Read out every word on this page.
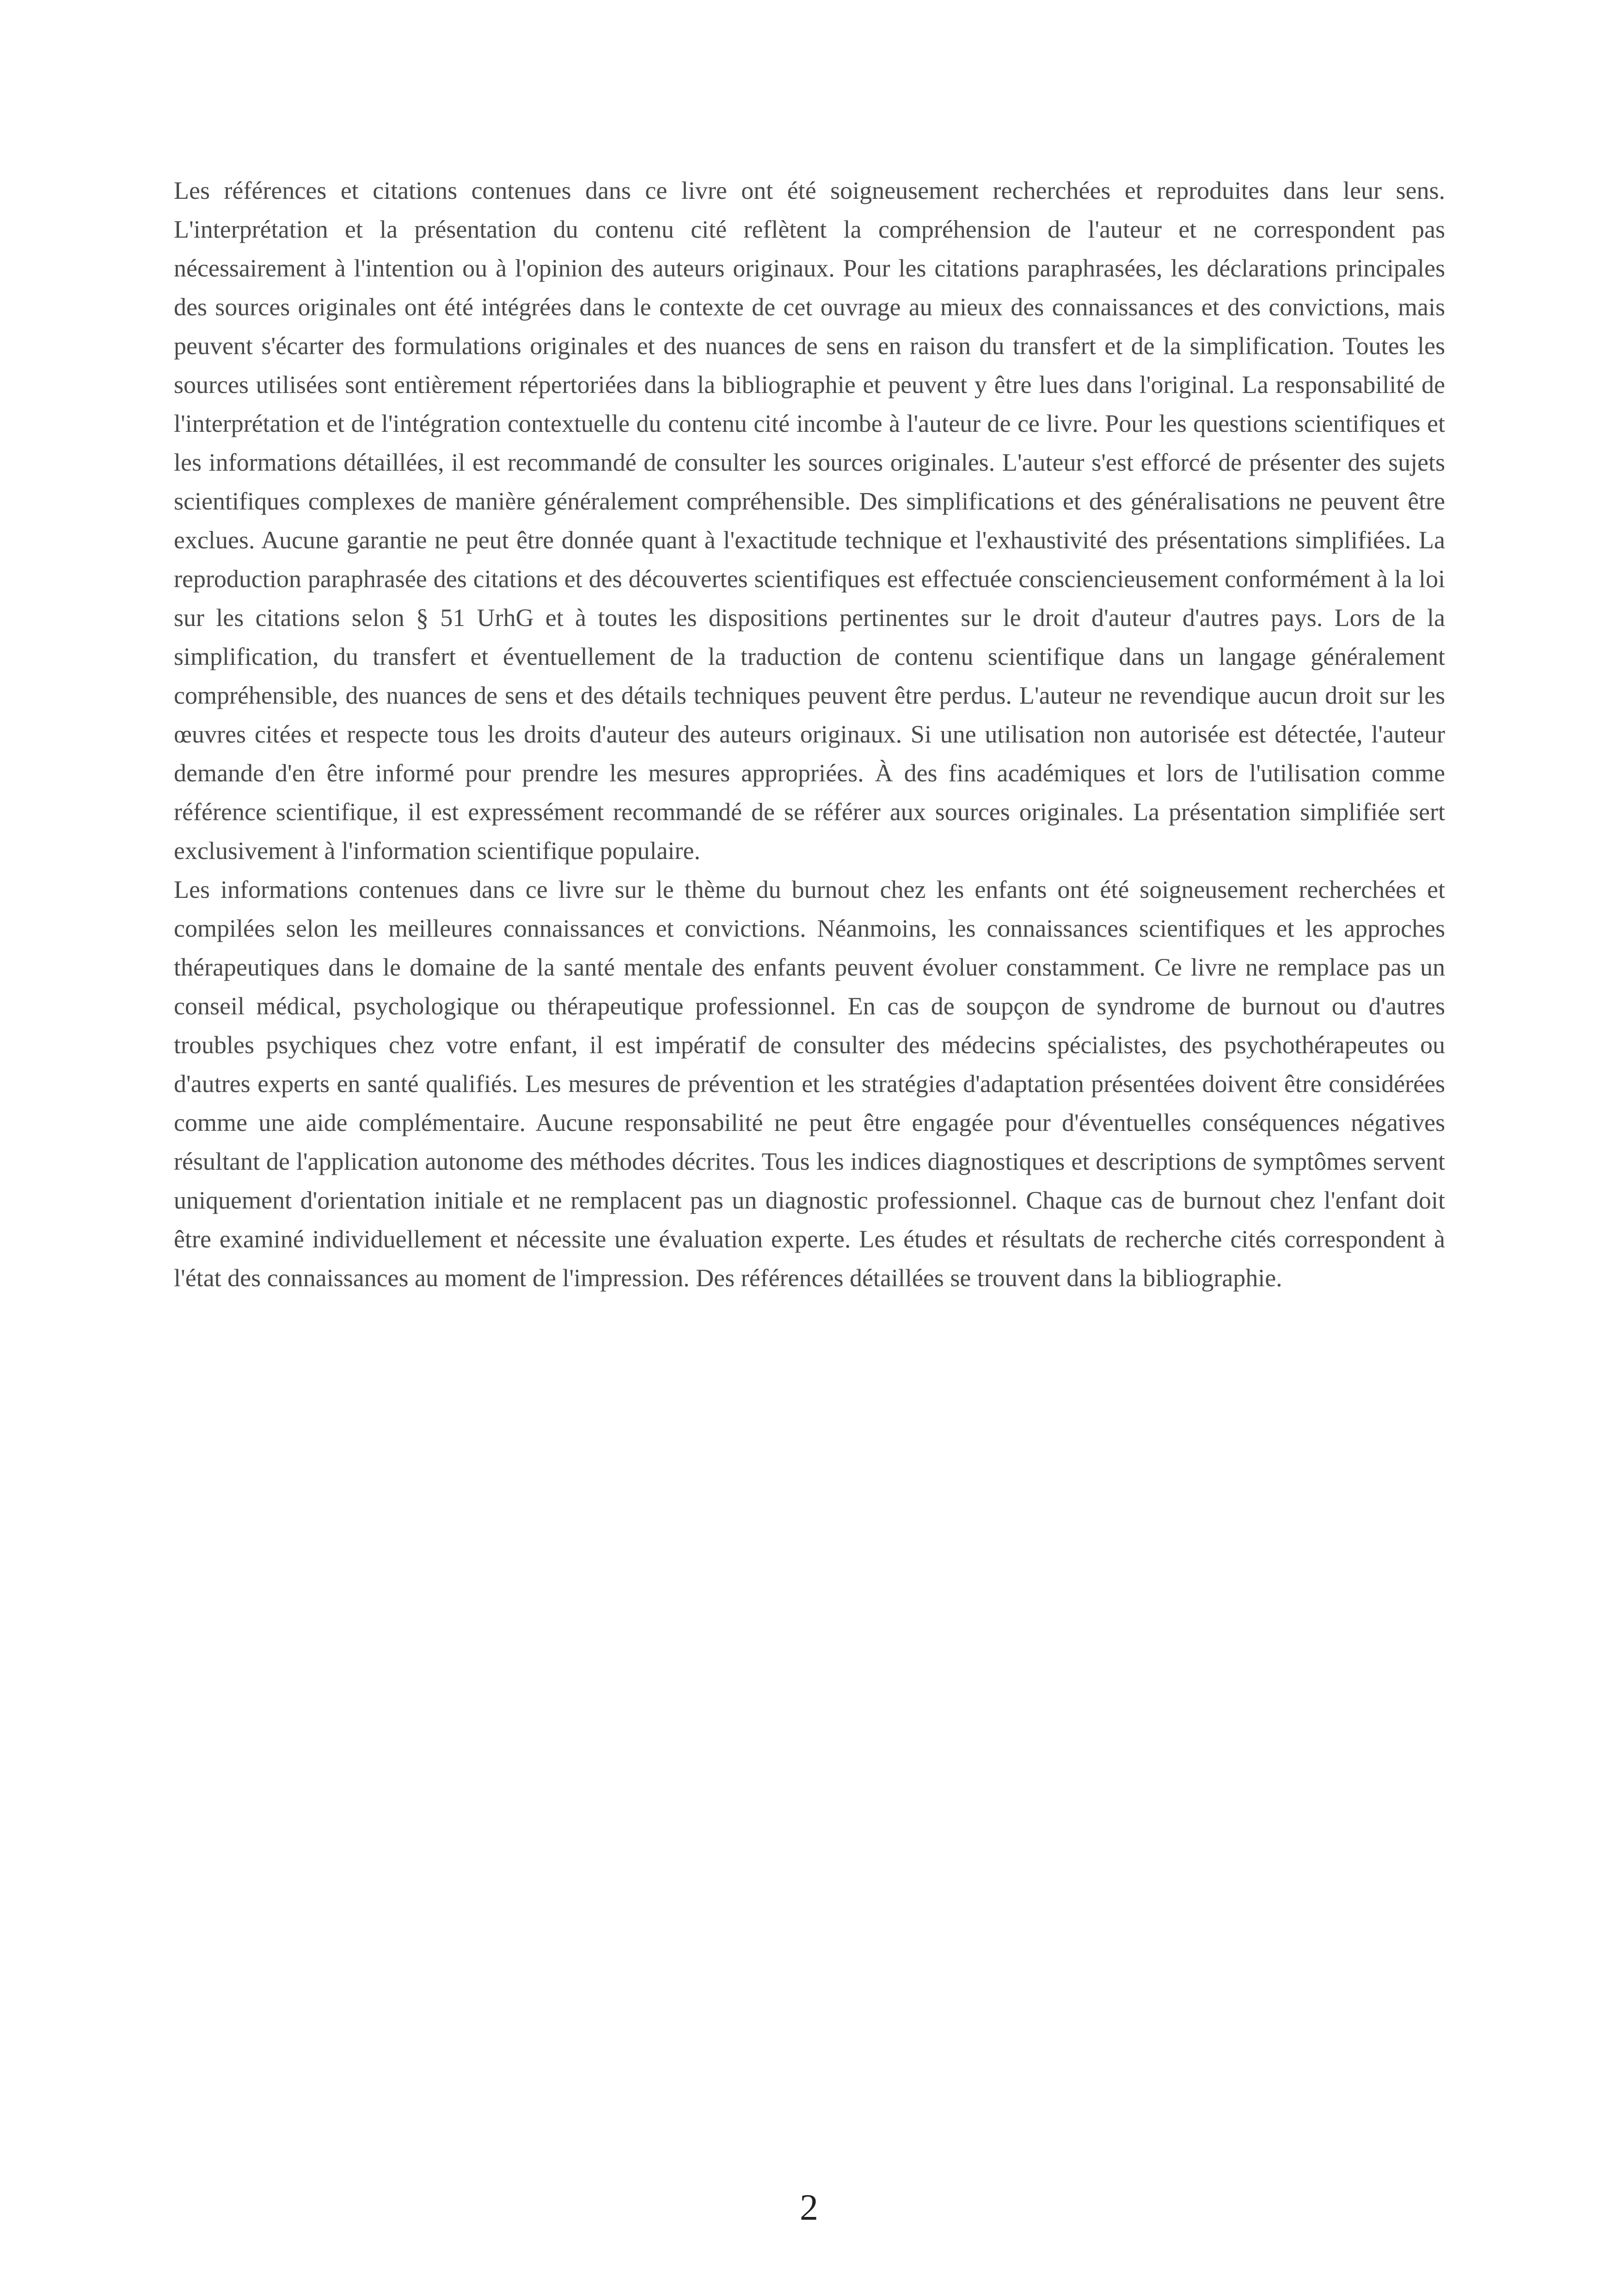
Les références et citations contenues dans ce livre ont été soigneusement recherchées et reproduites dans leur sens. L'interprétation et la présentation du contenu cité reflètent la compréhension de l'auteur et ne correspondent pas nécessairement à l'intention ou à l'opinion des auteurs originaux. Pour les citations paraphrasées, les déclarations principales des sources originales ont été intégrées dans le contexte de cet ouvrage au mieux des connaissances et des convictions, mais peuvent s'écarter des formulations originales et des nuances de sens en raison du transfert et de la simplification. Toutes les sources utilisées sont entièrement répertoriées dans la bibliographie et peuvent y être lues dans l'original. La responsabilité de l'interprétation et de l'intégration contextuelle du contenu cité incombe à l'auteur de ce livre. Pour les questions scientifiques et les informations détaillées, il est recommandé de consulter les sources originales. L'auteur s'est efforcé de présenter des sujets scientifiques complexes de manière généralement compréhensible. Des simplifications et des généralisations ne peuvent être exclues. Aucune garantie ne peut être donnée quant à l'exactitude technique et l'exhaustivité des présentations simplifiées. La reproduction paraphrasée des citations et des découvertes scientifiques est effectuée consciencieusement conformément à la loi sur les citations selon § 51 UrhG et à toutes les dispositions pertinentes sur le droit d'auteur d'autres pays. Lors de la simplification, du transfert et éventuellement de la traduction de contenu scientifique dans un langage généralement compréhensible, des nuances de sens et des détails techniques peuvent être perdus. L'auteur ne revendique aucun droit sur les œuvres citées et respecte tous les droits d'auteur des auteurs originaux. Si une utilisation non autorisée est détectée, l'auteur demande d'en être informé pour prendre les mesures appropriées. À des fins académiques et lors de l'utilisation comme référence scientifique, il est expressément recommandé de se référer aux sources originales. La présentation simplifiée sert exclusivement à l'information scientifique populaire.

Les informations contenues dans ce livre sur le thème du burnout chez les enfants ont été soigneusement recherchées et compilées selon les meilleures connaissances et convictions. Néanmoins, les connaissances scientifiques et les approches thérapeutiques dans le domaine de la santé mentale des enfants peuvent évoluer constamment. Ce livre ne remplace pas un conseil médical, psychologique ou thérapeutique professionnel. En cas de soupçon de syndrome de burnout ou d'autres troubles psychiques chez votre enfant, il est impératif de consulter des médecins spécialistes, des psychothérapeutes ou d'autres experts en santé qualifiés. Les mesures de prévention et les stratégies d'adaptation présentées doivent être considérées comme une aide complémentaire. Aucune responsabilité ne peut être engagée pour d'éventuelles conséquences négatives résultant de l'application autonome des méthodes décrites. Tous les indices diagnostiques et descriptions de symptômes servent uniquement d'orientation initiale et ne remplacent pas un diagnostic professionnel. Chaque cas de burnout chez l'enfant doit être examiné individuellement et nécessite une évaluation experte. Les études et résultats de recherche cités correspondent à l'état des connaissances au moment de l'impression. Des références détaillées se trouvent dans la bibliographie.

2
